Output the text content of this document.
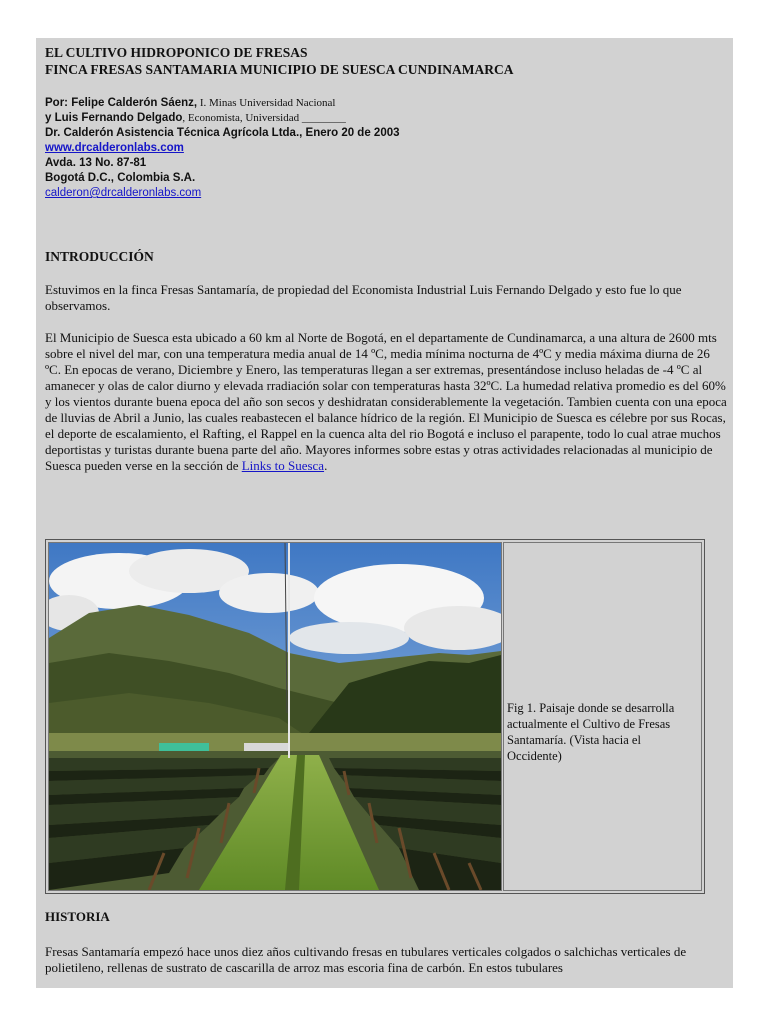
EL CULTIVO HIDROPONICO DE FRESAS
FINCA FRESAS SANTAMARIA MUNICIPIO DE SUESCA CUNDINAMARCA
Por: Felipe Calderón Sáenz, I. Minas Universidad Nacional
y Luis Fernando Delgado, Economista, Universidad ________
Dr. Calderón Asistencia Técnica Agrícola Ltda., Enero 20 de 2003
www.drcalderonlabs.com
Avda. 13 No. 87-81
Bogotá D.C., Colombia S.A.
calderon@drcalderonlabs.com
INTRODUCCIÓN

Estuvimos en la finca Fresas Santamaría, de propiedad del Economista Industrial Luis Fernando Delgado y esto fue lo que observamos.

El Municipio de Suesca esta ubicado a 60 km al Norte de Bogotá, en el departamente de Cundinamarca, a una altura de 2600 mts sobre el nivel del mar, con una temperatura media anual de 14 ºC, media mínima nocturna de 4ºC y media máxima diurna de 26 ºC. En epocas de verano, Diciembre y Enero, las temperaturas llegan a ser extremas, presentándose incluso heladas de -4 ºC al amanecer y olas de calor diurno y elevada rradiación solar con temperaturas hasta 32ºC. La humedad relativa promedio es del 60% y los vientos durante buena epoca del año son secos y deshidratan considerablemente la vegetación. Tambien cuenta con una epoca de lluvias de Abril a Junio, las cuales reabastecen el balance hídrico de la región. El Municipio de Suesca es célebre por sus Rocas, el deporte de escalamiento, el Rafting, el Rappel en la cuenca alta del rio Bogotá e incluso el parapente, todo lo cual atrae muchos deportistas y turistas durante buena parte del año. Mayores informes sobre estas y otras actividades relacionadas al municipio de Suesca pueden verse en la sección de Links to Suesca.

Fig 1. Paisaje donde se desarrolla actualmente el Cultivo de Fresas Santamaría. (Vista hacia el Occidente)
HISTORIA

Fresas Santamaría empezó hace unos diez años cultivando fresas en tubulares verticales colgados o salchichas verticales de polietileno, rellenas de sustrato de cascarilla de arroz mas escoria fina de carbón. En estos tubulares
